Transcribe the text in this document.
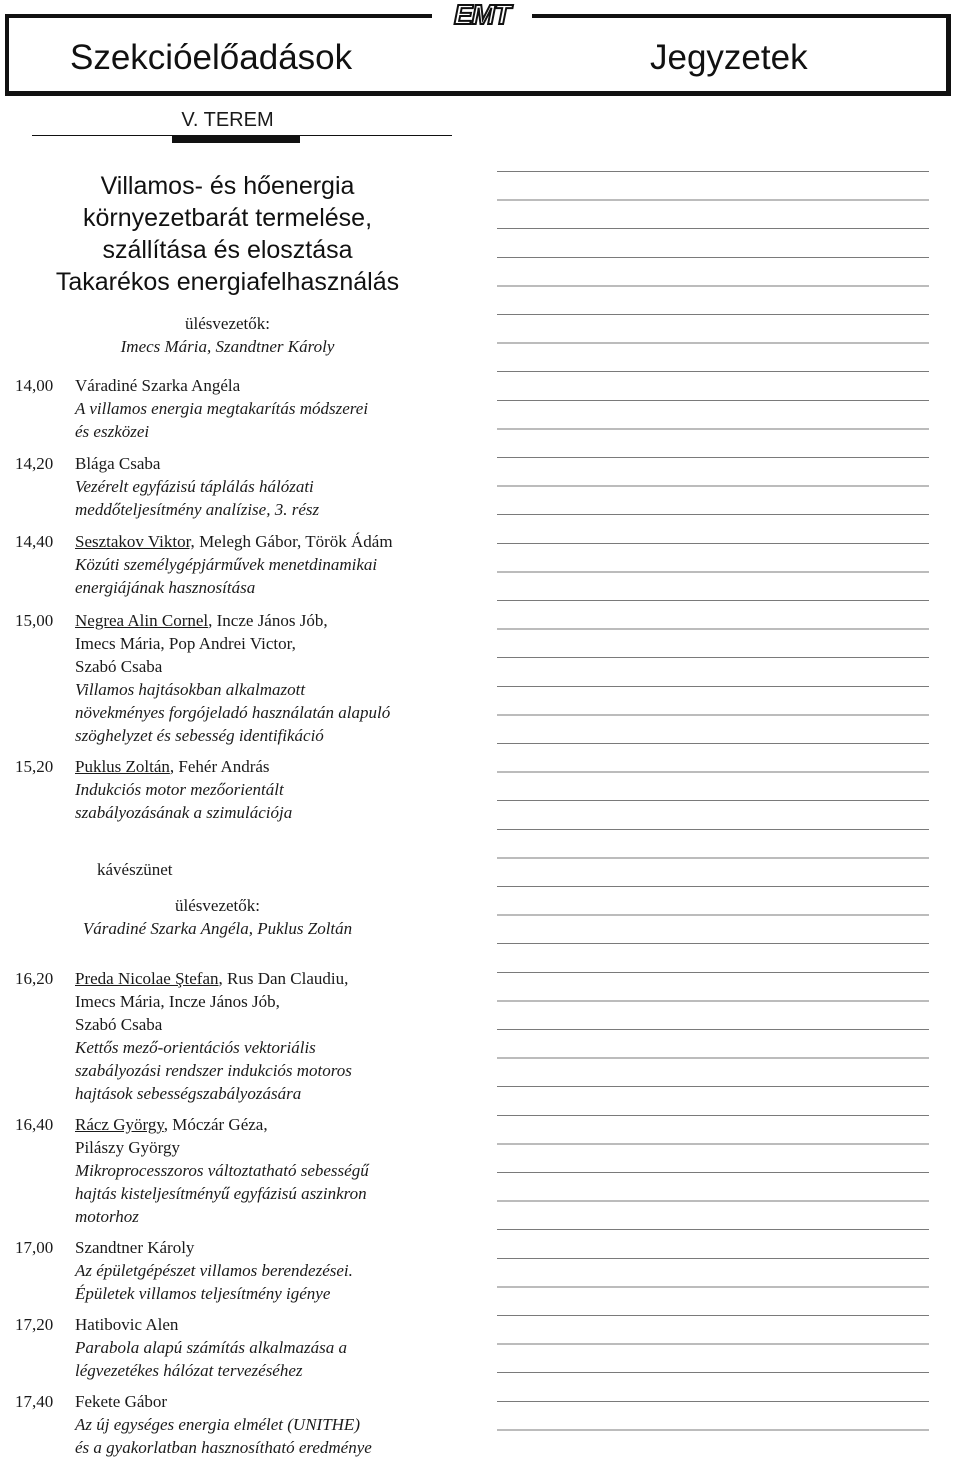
EMT
Szekcióelőadások	Jegyzetek
V. TEREM
Villamos- és hőenergia
környezetbarát termelése,
szállítása és elosztása
Takarékos energiafelhasználás
ülésvezetők:
Imecs Mária, Szandtner Károly
kávészünet
ülésvezetők:
Váradiné Szarka Angéla, Puklus Zoltán
14,00	Váradiné Szarka Angéla
A villamos energia megtakarítás módszerei
és eszközei
14,20	Blága Csaba
Vezérelt egyfázisú táplálás hálózati
meddőteljesítmény analízise, 3. rész
14,40	Sesztakov Viktor, Melegh Gábor, Török Ádám
Közúti személygépjárművek menetdinamikai
energiájának hasznosítása
15,00	Negrea Alin Cornel, Incze János Jób,
Imecs Mária, Pop Andrei Victor,
Szabó Csaba
Villamos hajtásokban alkalmazott
növekményes forgójeladó használatán alapuló
szöghelyzet és sebesség identifikáció
15,20	Puklus Zoltán, Fehér András
Indukciós motor mezőorientált
szabályozásának a szimulációja
16,20	Preda Nicolae Ştefan, Rus Dan Claudiu,
Imecs Mária, Incze János Jób,
Szabó Csaba
Kettős mező-orientációs vektoriális
szabályozási rendszer indukciós motoros
hajtások sebességszabályozására
16,40	Rácz György, Móczár Géza,
Pilászy György
Mikroprocesszoros változtatható sebességű
hajtás kisteljesítményű egyfázisú aszinkron
motorhoz
17,00	Szandtner Károly
Az épületgépészet villamos berendezései.
Épületek villamos teljesítmény igénye
17,20	Hatibovic Alen
Parabola alapú számítás alkalmazása a
légvezetékes hálózat tervezéséhez
17,40	Fekete Gábor
Az új egységes energia elmélet (UNITHE)
és a gyakorlatban hasznosítható eredménye
